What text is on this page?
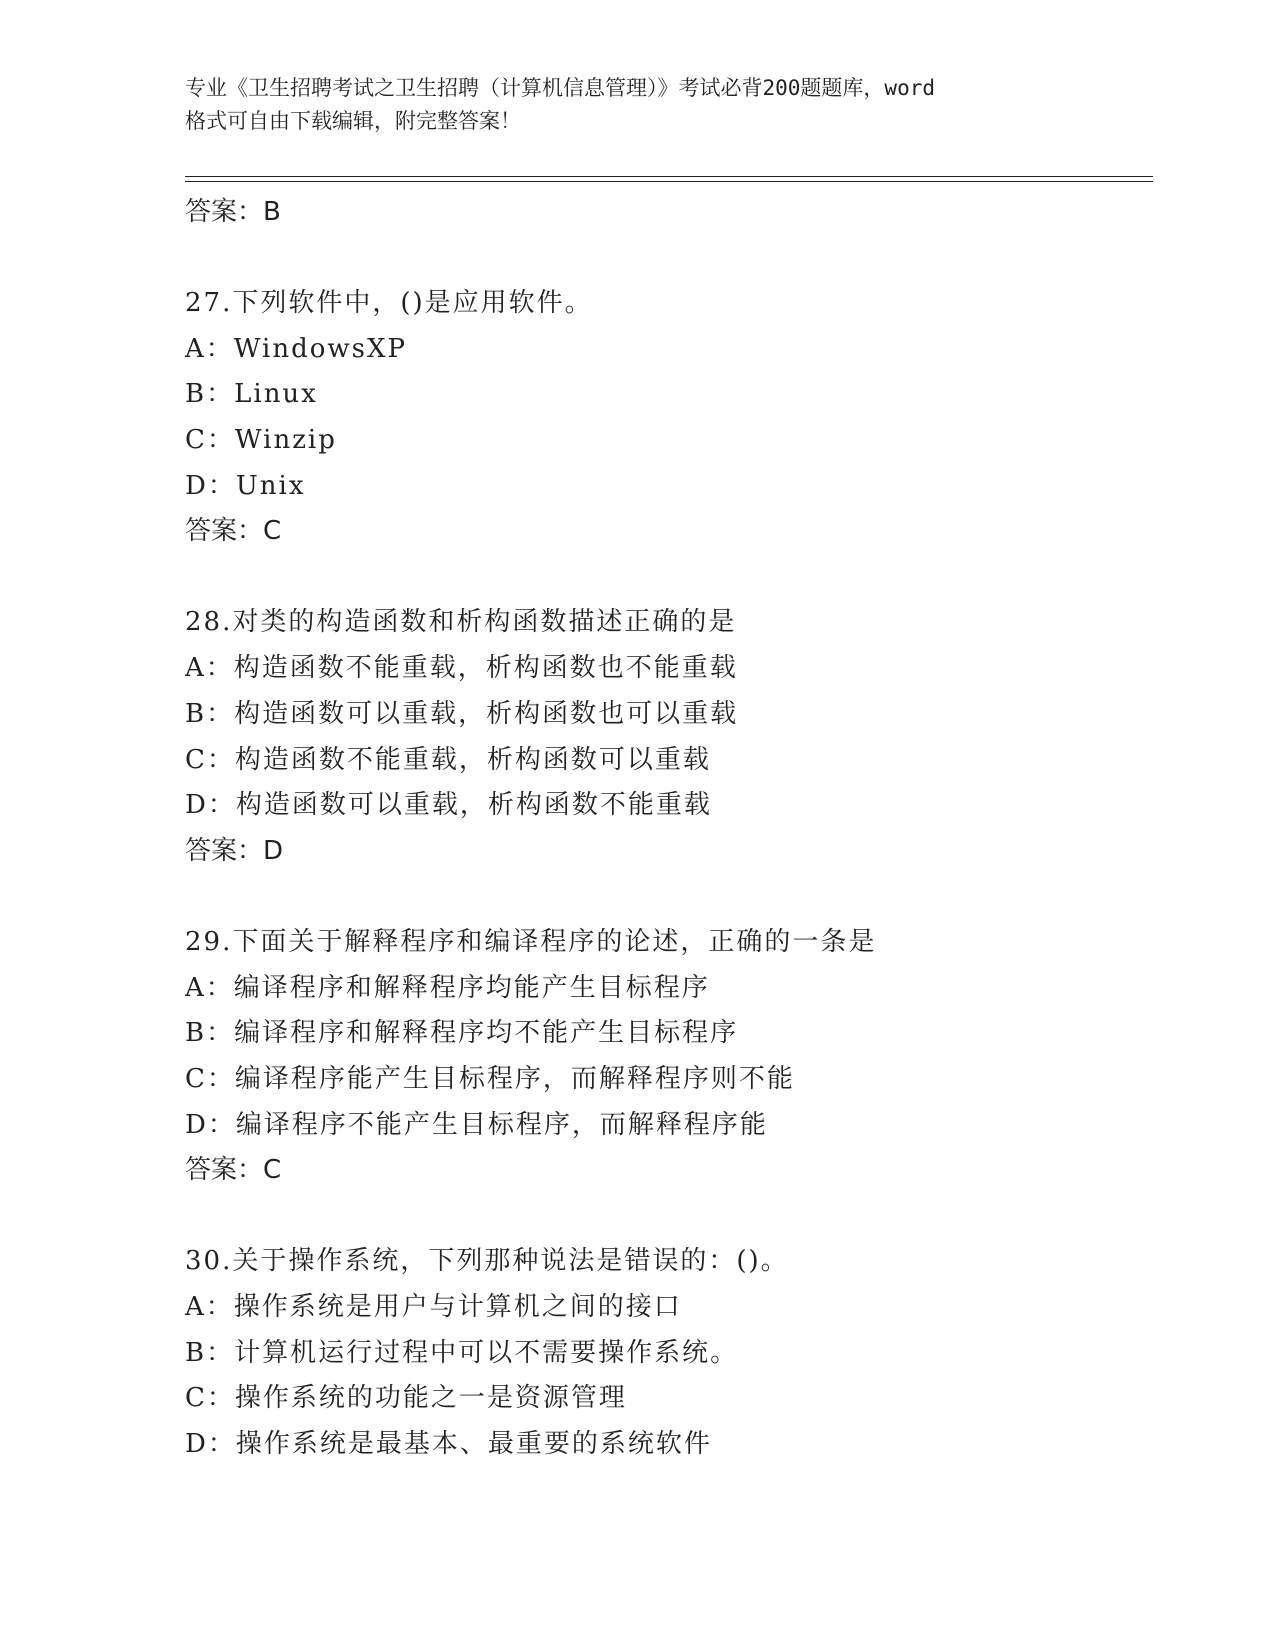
专业《卫生招聘考试之卫生招聘（计算机信息管理）》考试必背200题题库，word
格式可自由下载编辑，附完整答案！
答案：B
27.下列软件中，()是应用软件。
A：WindowsXP
B：Linux
C：Winzip
D：Unix
答案：C
28.对类的构造函数和析构函数描述正确的是
A：构造函数不能重载，析构函数也不能重载
B：构造函数可以重载，析构函数也可以重载
C：构造函数不能重载，析构函数可以重载
D：构造函数可以重载，析构函数不能重载
答案：D
29.下面关于解释程序和编译程序的论述，正确的一条是
A：编译程序和解释程序均能产生目标程序
B：编译程序和解释程序均不能产生目标程序
C：编译程序能产生目标程序，而解释程序则不能
D：编译程序不能产生目标程序，而解释程序能
答案：C
30.关于操作系统，下列那种说法是错误的：()。
A：操作系统是用户与计算机之间的接口
B：计算机运行过程中可以不需要操作系统。
C：操作系统的功能之一是资源管理
D：操作系统是最基本、最重要的系统软件
